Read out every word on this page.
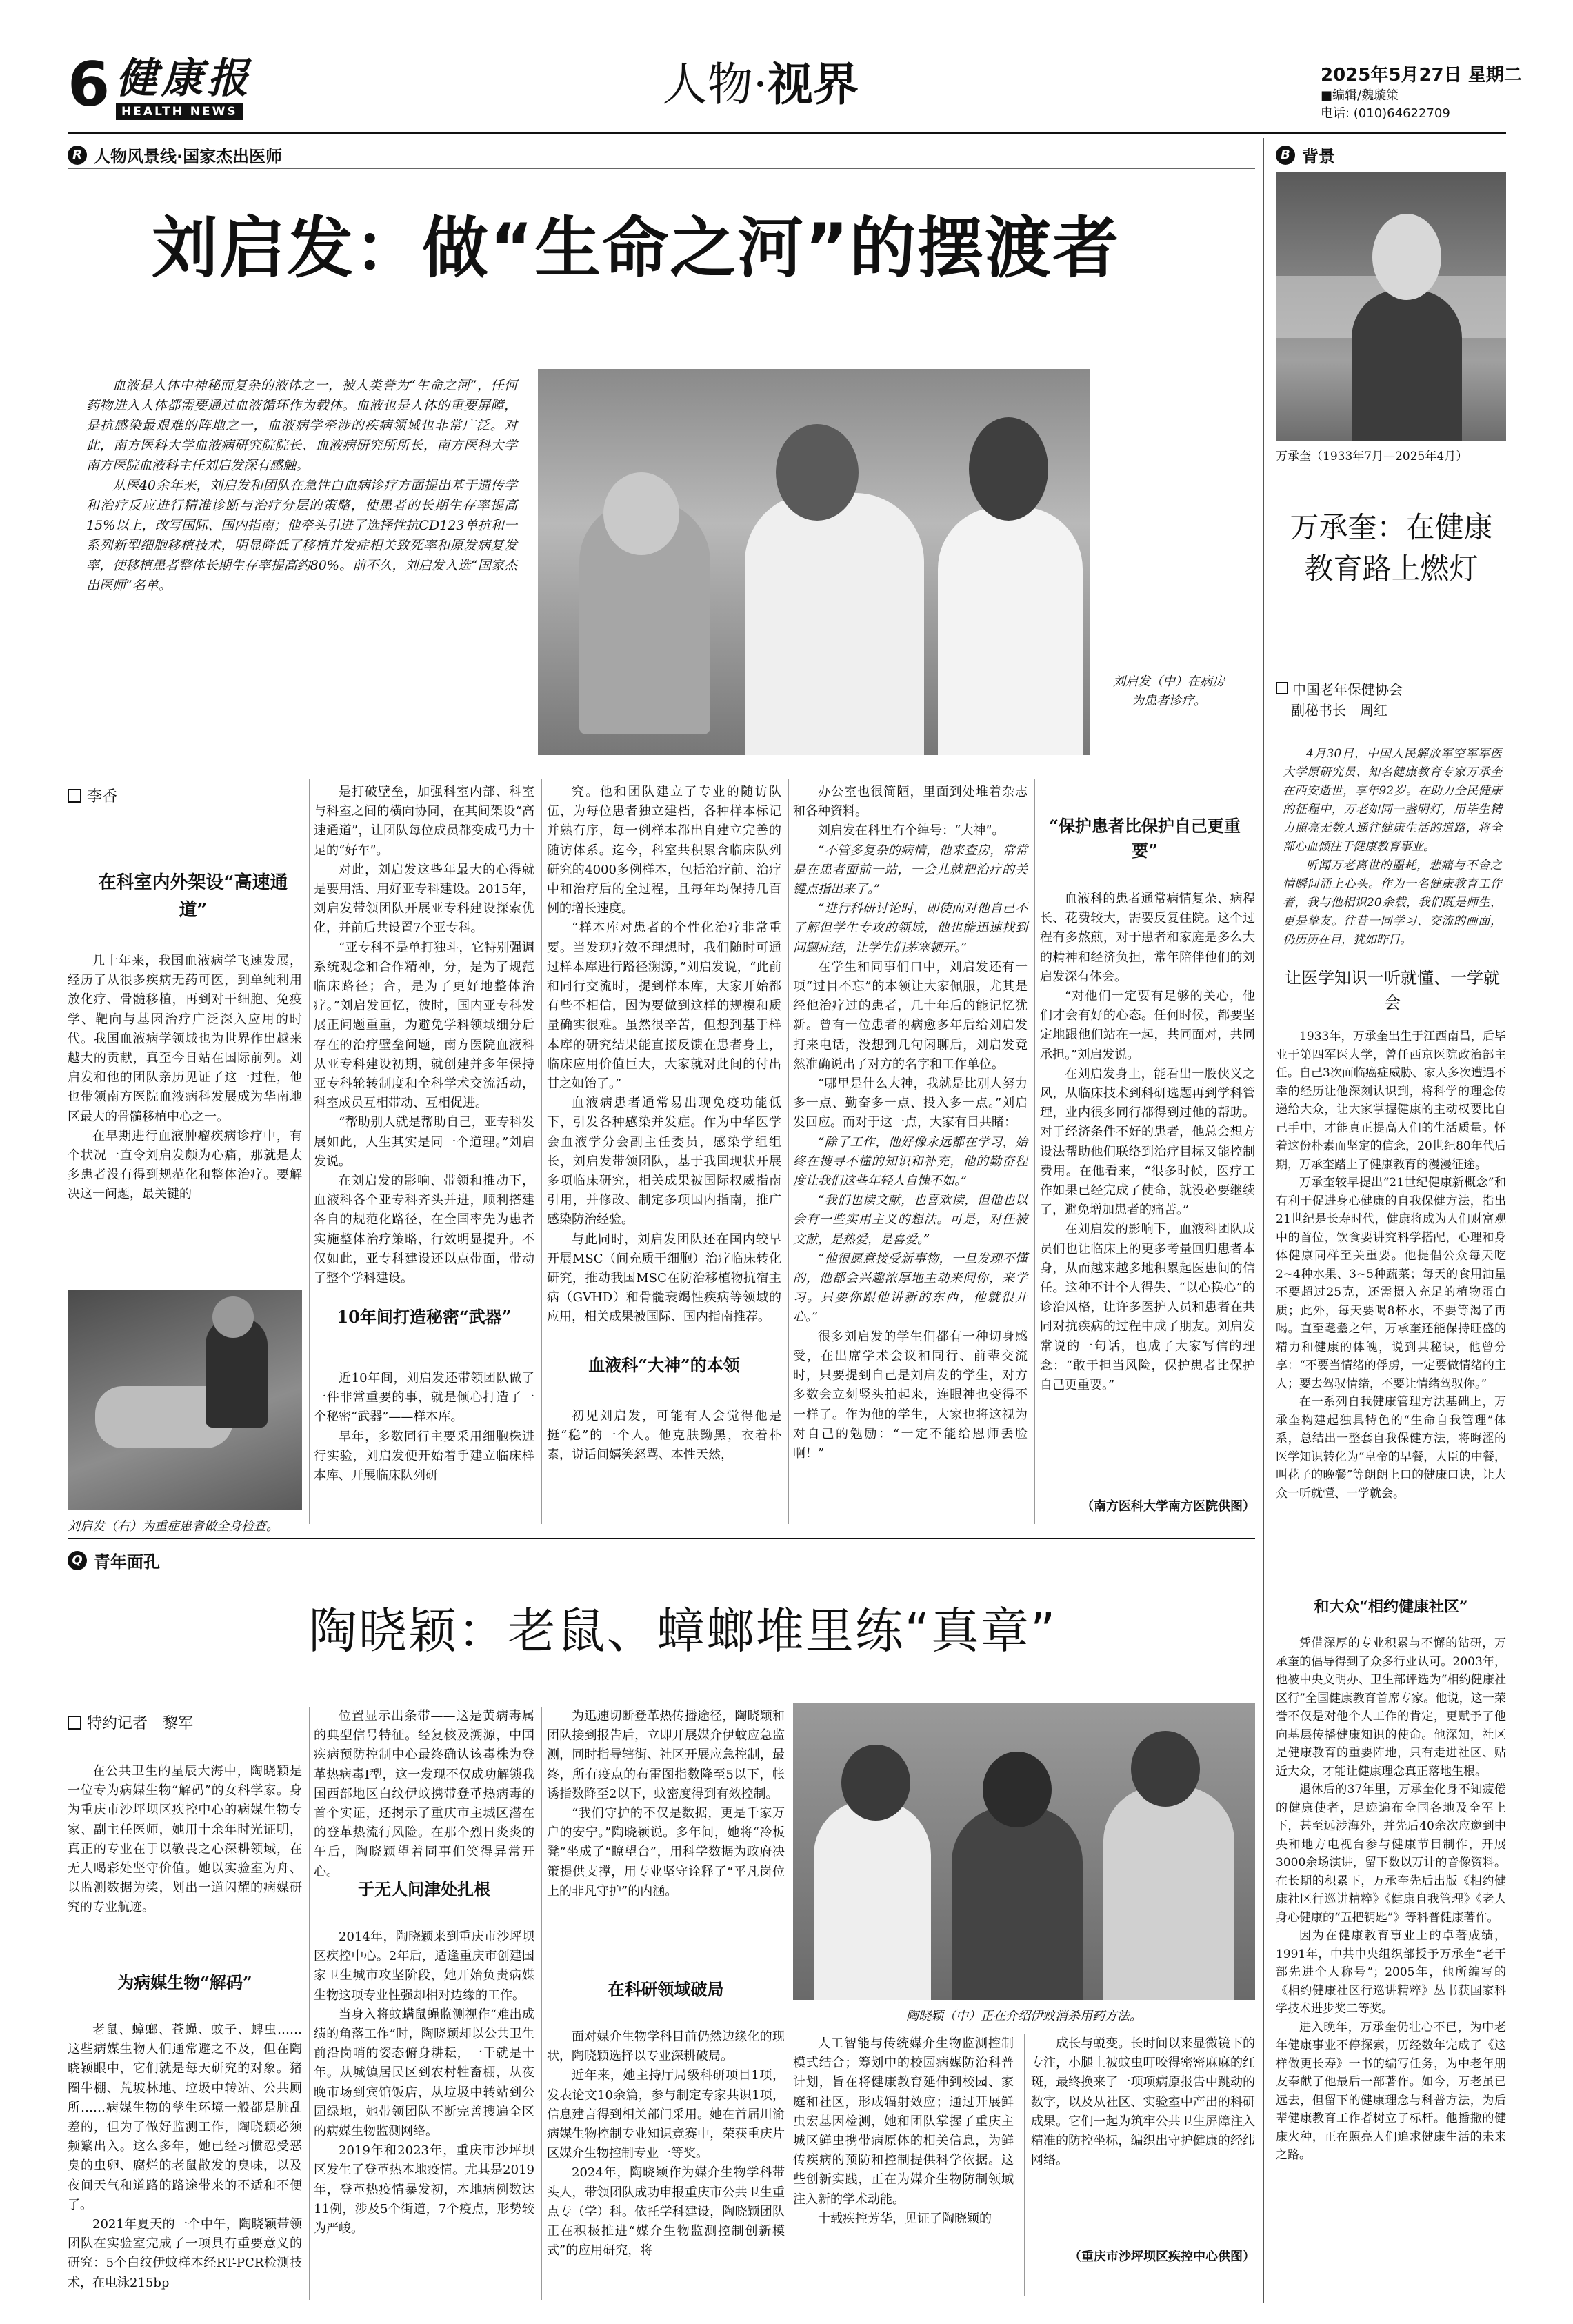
6 健康报
HEALTH NEWS
人物·视界	2025年5月27日 星期二
■编辑/魏璇策
电话: (010)64622709
R 人物风景线·国家杰出医师
刘启发：做“生命之河”的摆渡者

血液是人体中神秘而复杂的液体之一，被人类誉为“生命之河”，任何药物进入人体都需要通过血液循环作为载体。血液也是人体的重要屏障，是抗感染最艰难的阵地之一，血液病学牵涉的疾病领域也非常广泛。对此，南方医科大学血液病研究院院长、血液病研究所所长，南方医科大学南方医院血液科主任刘启发深有感触。

从医40余年来，刘启发和团队在急性白血病诊疗方面提出基于遗传学和治疗反应进行精准诊断与治疗分层的策略，使患者的长期生存率提高15%以上，改写国际、国内指南；他牵头引进了选择性抗CD123单抗和一系列新型细胞移植技术，明显降低了移植并发症相关致死率和原发病复发率，使移植患者整体长期生存率提高约80%。前不久，刘启发入选“国家杰出医师”名单。

刘启发（中）在病房为患者诊疗。
李香
在科室内外架设“高速通道”

几十年来，我国血液病学飞速发展，经历了从很多疾病无药可医，到单纯利用放化疗、骨髓移植，再到对干细胞、免疫学、靶向与基因治疗广泛深入应用的时代。我国血液病学领域也为世界作出越来越大的贡献，真至今日站在国际前列。刘启发和他的团队亲历见证了这一过程，他也带领南方医院血液病科发展成为华南地区最大的骨髓移植中心之一。

在早期进行血液肿瘤疾病诊疗中，有个状况一直令刘启发颇为心痛，那就是太多患者没有得到规范化和整体治疗。要解决这一问题，最关键的

刘启发（右）为重症患者做全身检查。

是打破壁垒，加强科室内部、科室与科室之间的横向协同，在其间架设“高速通道”，让团队每位成员都变成马力十足的“好车”。

对此，刘启发这些年最大的心得就是要用活、用好亚专科建设。2015年，刘启发带领团队开展亚专科建设探索优化，并前后共设置7个亚专科。

“亚专科不是单打独斗，它特别强调系统观念和合作精神，分，是为了规范临床路径；合，是为了更好地整体治疗。”刘启发回忆，彼时，国内亚专科发展正问题重重，为避免学科领域细分后存在的治疗壁垒问题，南方医院血液科从亚专科建设初期，就创建并多年保持亚专科轮转制度和全科学术交流活动，科室成员互相带动、互相促进。

“帮助别人就是帮助自己，亚专科发展如此，人生其实是同一个道理。”刘启发说。

在刘启发的影响、带领和推动下，血液科各个亚专科齐头并进，顺利搭建各自的规范化路径，在全国率先为患者实施整体治疗策略，行效明显提升。不仅如此，亚专科建设还以点带面，带动了整个学科建设。

10年间打造秘密“武器”

近10年间，刘启发还带领团队做了一件非常重要的事，就是倾心打造了一个秘密“武器”——样本库。

早年，多数同行主要采用细胞株进行实验，刘启发便开始着手建立临床样本库、开展临床队列研

究。他和团队建立了专业的随访队伍，为每位患者独立建档，各种样本标记并熟有序，每一例样本都出自建立完善的随访体系。迄今，科室共积累含临床队列研究的4000多例样本，包括治疗前、治疗中和治疗后的全过程，且每年均保持几百例的增长速度。

“样本库对患者的个性化治疗非常重要。当发现疗效不理想时，我们随时可通过样本库进行路径溯源，”刘启发说，“此前和同行交流时，提到样本库，大家开始都有些不相信，因为要做到这样的规模和质量确实很难。虽然很辛苦，但想到基于样本库的研究结果能直接反馈在患者身上，临床应用价值巨大，大家就对此间的付出甘之如饴了。”

血液病患者通常易出现免疫功能低下，引发各种感染并发症。作为中华医学会血液学分会副主任委员，感染学组组长，刘启发带领团队，基于我国现状开展多项临床研究，相关成果被国际权威指南引用，并修改、制定多项国内指南，推广感染防治经验。

与此同时，刘启发团队还在国内较早开展MSC（间充质干细胞）治疗临床转化研究，推动我国MSC在防治移植物抗宿主病（GVHD）和骨髓衰竭性疾病等领域的应用，相关成果被国际、国内指南推荐。

血液科“大神”的本领

初见刘启发，可能有人会觉得他是挺“稳”的一个人。他克肤黝黑，衣着朴素，说话间嬉笑怒骂、本性天然，

办公室也很简陋，里面到处堆着杂志和各种资料。

刘启发在科里有个绰号：“大神”。

“不管多复杂的病情，他来查房，常常是在患者面前一站，一会儿就把治疗的关键点指出来了。”

“进行科研讨论时，即使面对他自己不了解但学生专攻的领域，他也能迅速找到问题症结，让学生们茅塞顿开。”

在学生和同事们口中，刘启发还有一项“过目不忘”的本领让大家佩服，尤其是经他治疗过的患者，几十年后的能记忆犹新。曾有一位患者的病愈多年后给刘启发打来电话，没想到几句闲聊后，刘启发竟然准确说出了对方的名字和工作单位。

“哪里是什么大神，我就是比别人努力多一点、勤奋多一点、投入多一点。”刘启发回应。而对于这一点，大家有目共睹：

“除了工作，他好像永远都在学习，始终在搜寻不懂的知识和补充，他的勤奋程度让我们这些年轻人自愧不如。”

“我们也读文献，也喜欢读，但他也以会有一些实用主义的想法。可是，对任被文献，是热爱，是喜爱。”

“他很愿意接受新事物，一旦发现不懂的，他都会兴趣浓厚地主动来问你，来学习。只要你跟他讲新的东西，他就很开心。”

很多刘启发的学生们都有一种切身感受，在出席学术会议和同行、前辈交流时，只要提到自己是刘启发的学生，对方多数会立刻竖头拍起来，连眼神也变得不一样了。作为他的学生，大家也将这视为对自己的勉励：“一定不能给恩师丢脸啊！”

“保护患者比保护自己更重要”

血液科的患者通常病情复杂、病程长、花费较大，需要反复住院。这个过程有多熬煎，对于患者和家庭是多么大的精神和经济负担，常年陪伴他们的刘启发深有体会。

“对他们一定要有足够的关心，他们才会有好的心态。任何时候，都要坚定地跟他们站在一起，共同面对，共同承担。”刘启发说。

在刘启发身上，能看出一股侠义之风，从临床技术到科研选题再到学科管理，业内很多同行都得到过他的帮助。对于经济条件不好的患者，他总会想方设法帮助他们联络到治疗目标又能控制费用。在他看来，“很多时候，医疗工作如果已经完成了使命，就没必要继续了，避免增加患者的痛苦。”

在刘启发的影响下，血液科团队成员们也让临床上的更多考量回归患者本身，从而越来越多地积累起医患间的信任。这种不计个人得失、“以心换心”的诊治风格，让许多医护人员和患者在共同对抗疾病的过程中成了朋友。刘启发常说的一句话，也成了大家写信的理念：“敢于担当风险，保护患者比保护自己更重要。”

（南方医科大学南方医院供图）
Q 青年面孔
陶晓颖：老鼠、蟑螂堆里练“真章”
特约记者　黎军

在公共卫生的星辰大海中，陶晓颖是一位专为病媒生物“解码”的女科学家。身为重庆市沙坪坝区疾控中心的病媒生物专家、副主任医师，她用十余年时光证明，真正的专业在于以敬畏之心深耕领域，在无人喝彩处坚守价值。她以实验室为舟、以监测数据为桨，划出一道闪耀的病媒研究的专业航迹。

为病媒生物“解码”

老鼠、蟑螂、苍蝇、蚊子、蜱虫……这些病媒生物人们通常避之不及，但在陶晓颖眼中，它们就是每天研究的对象。猪圈牛棚、荒坡林地、垃圾中转站、公共厕所……病媒生物的孳生环境一般都是脏乱差的，但为了做好监测工作，陶晓颖必须频繁出入。这么多年，她已经习惯忍受恶臭的虫卵、腐烂的老鼠散发的臭味，以及夜间天气和道路的路途带来的不适和不便了。

2021年夏天的一个中午，陶晓颖带领团队在实验室完成了一项具有重要意义的研究：5个白纹伊蚊样本经RT-PCR检测技术，在电泳215bp

位置显示出条带——这是黄病毒属的典型信号特征。经复核及溯源，中国疾病预防控制中心最终确认该毒株为登革热病毒I型，这一发现不仅成功解锁我国西部地区白纹伊蚊携带登革热病毒的首个实证，还揭示了重庆市主城区潜在的登革热流行风险。在那个烈日炎炎的午后，陶晓颖望着同事们笑得异常开心。

于无人问津处扎根

2014年，陶晓颖来到重庆市沙坪坝区疾控中心。2年后，适逢重庆市创建国家卫生城市攻坚阶段，她开始负责病媒生物这项专业性强却相对边缘的工作。

当身入将蚊螨鼠蝇监测视作“难出成绩的角落工作”时，陶晓颖却以公共卫生前沿岗哨的姿态俯身耕耘，一干就是十年。从城镇居民区到农村牲畜棚，从夜晚市场到宾馆饭店，从垃圾中转站到公园绿地，她带领团队不断完善搜遍全区的病媒生物监测网络。

2019年和2023年，重庆市沙坪坝区发生了登革热本地疫情。尤其是2019年，登革热疫情暴发初，本地病例数达11例，涉及5个街道，7个疫点，形势较为严峻。

为迅速切断登革热传播途径，陶晓颖和团队接到报告后，立即开展媒介伊蚊应急监测，同时指导辖街、社区开展应急控制，最终，所有疫点的布雷图指数降至5以下，帐诱指数降至2以下，蚊密度得到有效控制。

“我们守护的不仅是数据，更是千家万户的安宁。”陶晓颖说。多年间，她将“冷板凳”坐成了“瞭望台”，用科学数据为政府决策提供支撑，用专业坚守诠释了“平凡岗位上的非凡守护”的内涵。

在科研领域破局

面对媒介生物学科目前仍然边缘化的现状，陶晓颖选择以专业深耕破局。

近年来，她主持厅局级科研项目1项，发表论文10余篇，参与制定专家共识1项，信息建言得到相关部门采用。她在首届川渝病媒生物控制专业知识竞赛中，荣获重庆片区媒介生物控制专业一等奖。

2024年，陶晓颖作为媒介生物学科带头人，带领团队成功申报重庆市公共卫生重点专（学）科。依托学科建设，陶晓颖团队正在积极推进“媒介生物监测控制创新模式”的应用研究，将

陶晓颖（中）正在介绍伊蚊消杀用药方法。

人工智能与传统媒介生物监测控制模式结合；筹划中的校园病媒防治科普计划，旨在将健康教育延伸到校园、家庭和社区，形成辐射效应；通过开展鲜虫宏基因检测，她和团队掌握了重庆主城区鲜虫携带病原体的相关信息，为鲜传疾病的预防和控制提供科学依据。这些创新实践，正在为媒介生物防制领域注入新的学术动能。

十载疾控芳华，见证了陶晓颖的

成长与蜕变。长时间以来显微镜下的专注，小腿上被蚊虫叮咬得密密麻麻的红斑，最终换来了一项项病原报告中跳动的数字，以及从社区、实验室中产出的科研成果。它们一起为筑牢公共卫生屏障注入精准的防控坐标，编织出守护健康的经纬网络。

（重庆市沙坪坝区疾控中心供图）
B 背景
万承奎（1933年7月—2025年4月）
万承奎：在健康教育路上燃灯
中国老年保健协会
副秘书长　周红

4月30日，中国人民解放军空军军医大学原研究员、知名健康教育专家万承奎在西安逝世，享年92岁。在助力全民健康的征程中，万老如同一盏明灯，用毕生精力照亮无数人通往健康生活的道路，将全部心血倾注于健康教育事业。

听闻万老离世的噩耗，悲痛与不舍之情瞬间涌上心头。作为一名健康教育工作者，我与他相识20余载，我们既是师生，更是挚友。往昔一同学习、交流的画面，仍历历在目，犹如昨日。

让医学知识一听就懂、一学就会

1933年，万承奎出生于江西南昌，后毕业于第四军医大学，曾任西京医院政治部主任。自己3次面临癌症威胁、家人多次遭遇不幸的经历让他深刻认识到，将科学的理念传递给大众，让大家掌握健康的主动权要比自己手中，才能真正提高人们的生活质量。怀着这份朴素而坚定的信念，20世纪80年代后期，万承奎踏上了健康教育的漫漫征途。

万承奎较早提出“21世纪健康新概念”和有利于促进身心健康的自我保健方法，指出21世纪是长寿时代，健康将成为人们财富观中的首位，饮食要讲究科学搭配，心理和身体健康同样至关重要。他提倡公众每天吃2~4种水果、3~5种蔬菜；每天的食用油量不要超过25克，还需摄入充足的植物蛋白质；此外，每天要喝8杯水，不要等渴了再喝。直至耄耋之年，万承奎还能保持旺盛的精力和健康的体魄，说到其秘诀，他曾分享：“不要当情绪的俘虏，一定要做情绪的主人；要去驾驭情绪，不要让情绪驾驭你。”

在一系列自我健康管理方法基础上，万承奎构建起独具特色的“生命自我管理”体系，总结出一整套自我保健方法，将晦涩的医学知识转化为“皇帝的早餐，大臣的中餐，叫花子的晚餐”等朗朗上口的健康口诀，让大众一听就懂、一学就会。

和大众“相约健康社区”

凭借深厚的专业积累与不懈的钻研，万承奎的倡导得到了众多行业认可。2003年，他被中央文明办、卫生部评选为“相约健康社区行”全国健康教育首席专家。他说，这一荣誉不仅是对他个人工作的肯定，更赋予了他向基层传播健康知识的使命。他深知，社区是健康教育的重要阵地，只有走进社区、贴近大众，才能让健康理念真正落地生根。

退休后的37年里，万承奎化身不知疲倦的健康使者，足迹遍布全国各地及全军上下，甚至远涉海外，并先后40余次应邀到中央和地方电视台参与健康节目制作，开展3000余场演讲，留下数以万计的音像资料。在长期的积累下，万承奎先后出版《相约健康社区行巡讲精粹》《健康自我管理》《老人身心健康的“五把钥匙”》等科普健康著作。

因为在健康教育事业上的卓著成绩，1991年，中共中央组织部授予万承奎“老干部先进个人称号”；2005年，他所编写的《相约健康社区行巡讲精粹》丛书获国家科学技术进步奖二等奖。

进入晚年，万承奎仍壮心不已，为中老年健康事业不停探索，历经数年完成了《这样做更长寿》一书的编写任务，为中老年朋友奉献了他最后一部著作。如今，万老虽已远去，但留下的健康理念与科普方法，为后辈健康教育工作者树立了标杆。他播撒的健康火种，正在照亮人们追求健康生活的未来之路。
